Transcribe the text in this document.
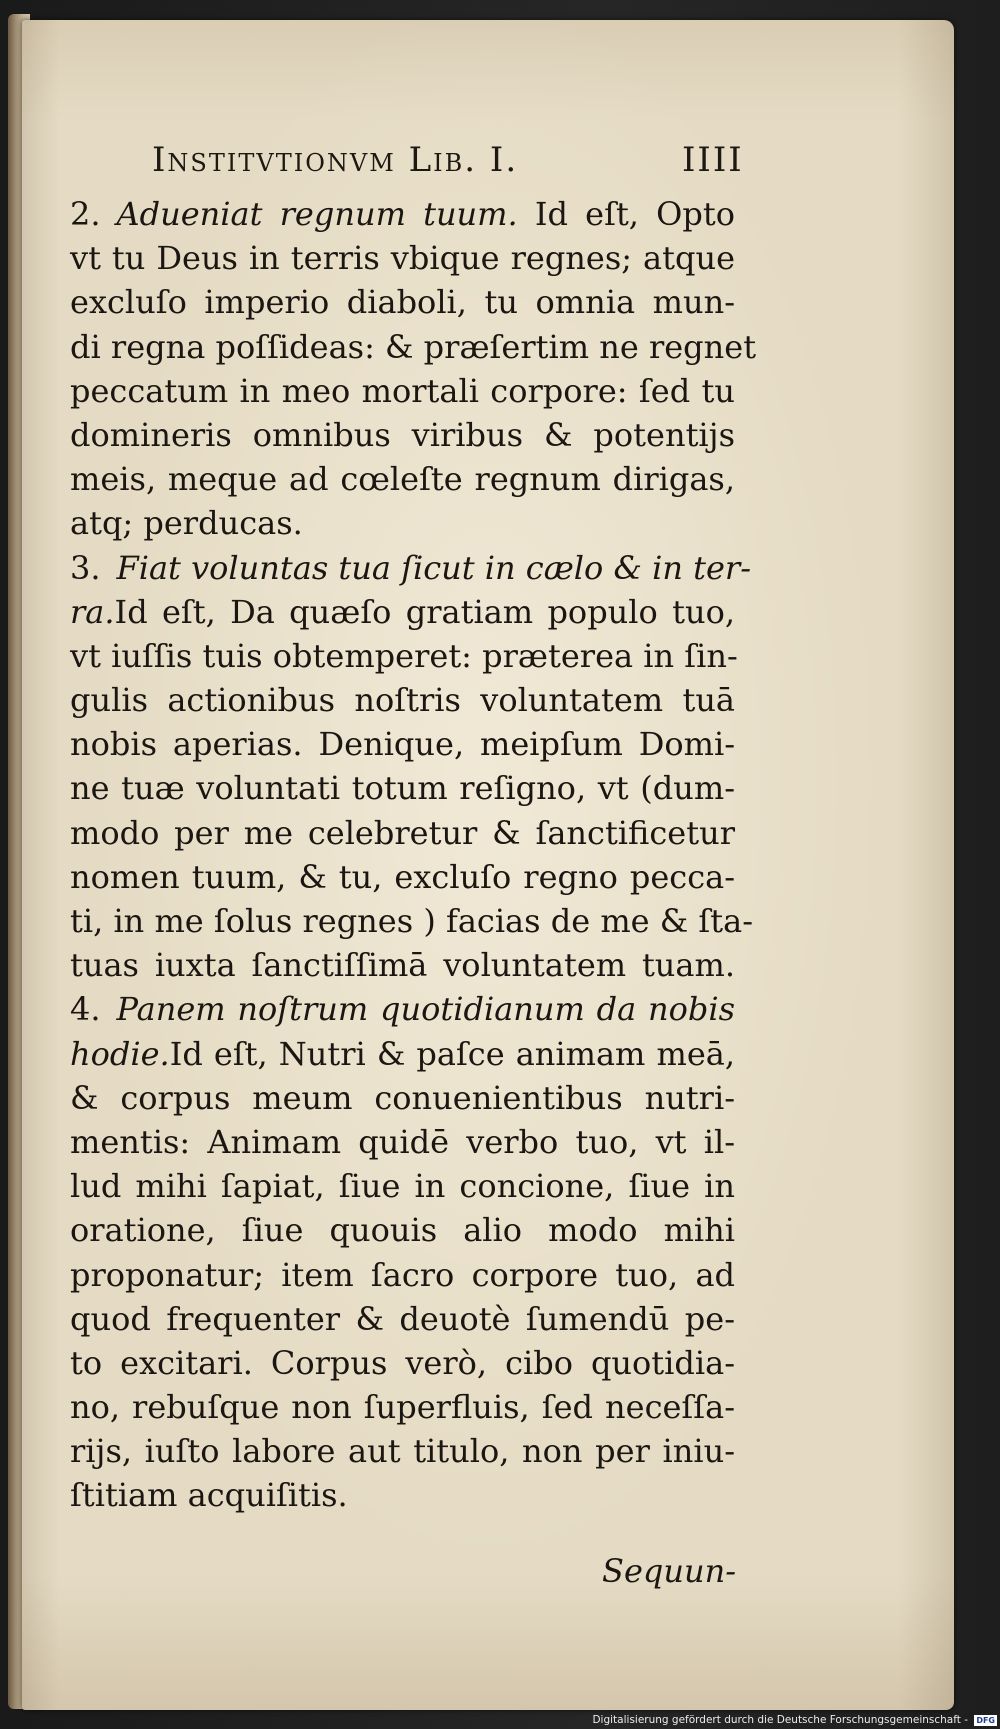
Institvtionvm Lib. I.	IIII
2.  Adueniat regnum tuum. Id eſt, Opto
vt tu Deus in terris vbique regnes; atque
excluſo imperio diaboli, tu omnia mun-
di regna poſſideas: & præſertim ne regnet
peccatum in meo mortali corpore: ſed tu
domineris omnibus viribus & potentijs
meis, meque ad cœleſte regnum dirigas,
atq; perducas.
3.  Fiat voluntas tua ſicut in cælo & in ter-
ra.Id eſt, Da quæſo gratiam populo tuo,
vt iuſſis tuis obtemperet: præterea in ſin-
gulis actionibus noſtris voluntatem tuā
nobis aperias. Denique, meipſum Domi-
ne tuæ voluntati totum reſigno, vt (dum-
modo per me celebretur & ſanctificetur
nomen tuum, & tu, excluſo regno pecca-
ti, in me ſolus regnes ) facias de me & ſta-
tuas iuxta ſanctiſſimā voluntatem tuam.
4.  Panem noſtrum quotidianum da nobis
hodie.Id eſt, Nutri & paſce animam meā,
& corpus meum conuenientibus nutri-
mentis: Animam quidē verbo tuo, vt il-
lud mihi ſapiat, ſiue in concione, ſiue in
oratione, ſiue quouis alio modo mihi
proponatur; item ſacro corpore tuo, ad
quod frequenter & deuotè ſumendū pe-
to excitari. Corpus verò, cibo quotidia-
no, rebuſque non ſuperfluis, ſed neceſſa-
rijs, iuſto labore aut titulo, non per iniu-
ſtitiam acquiſitis.
Sequun-
Digitalisierung gefördert durch die Deutsche Forschungsgemeinschaft - DFG
